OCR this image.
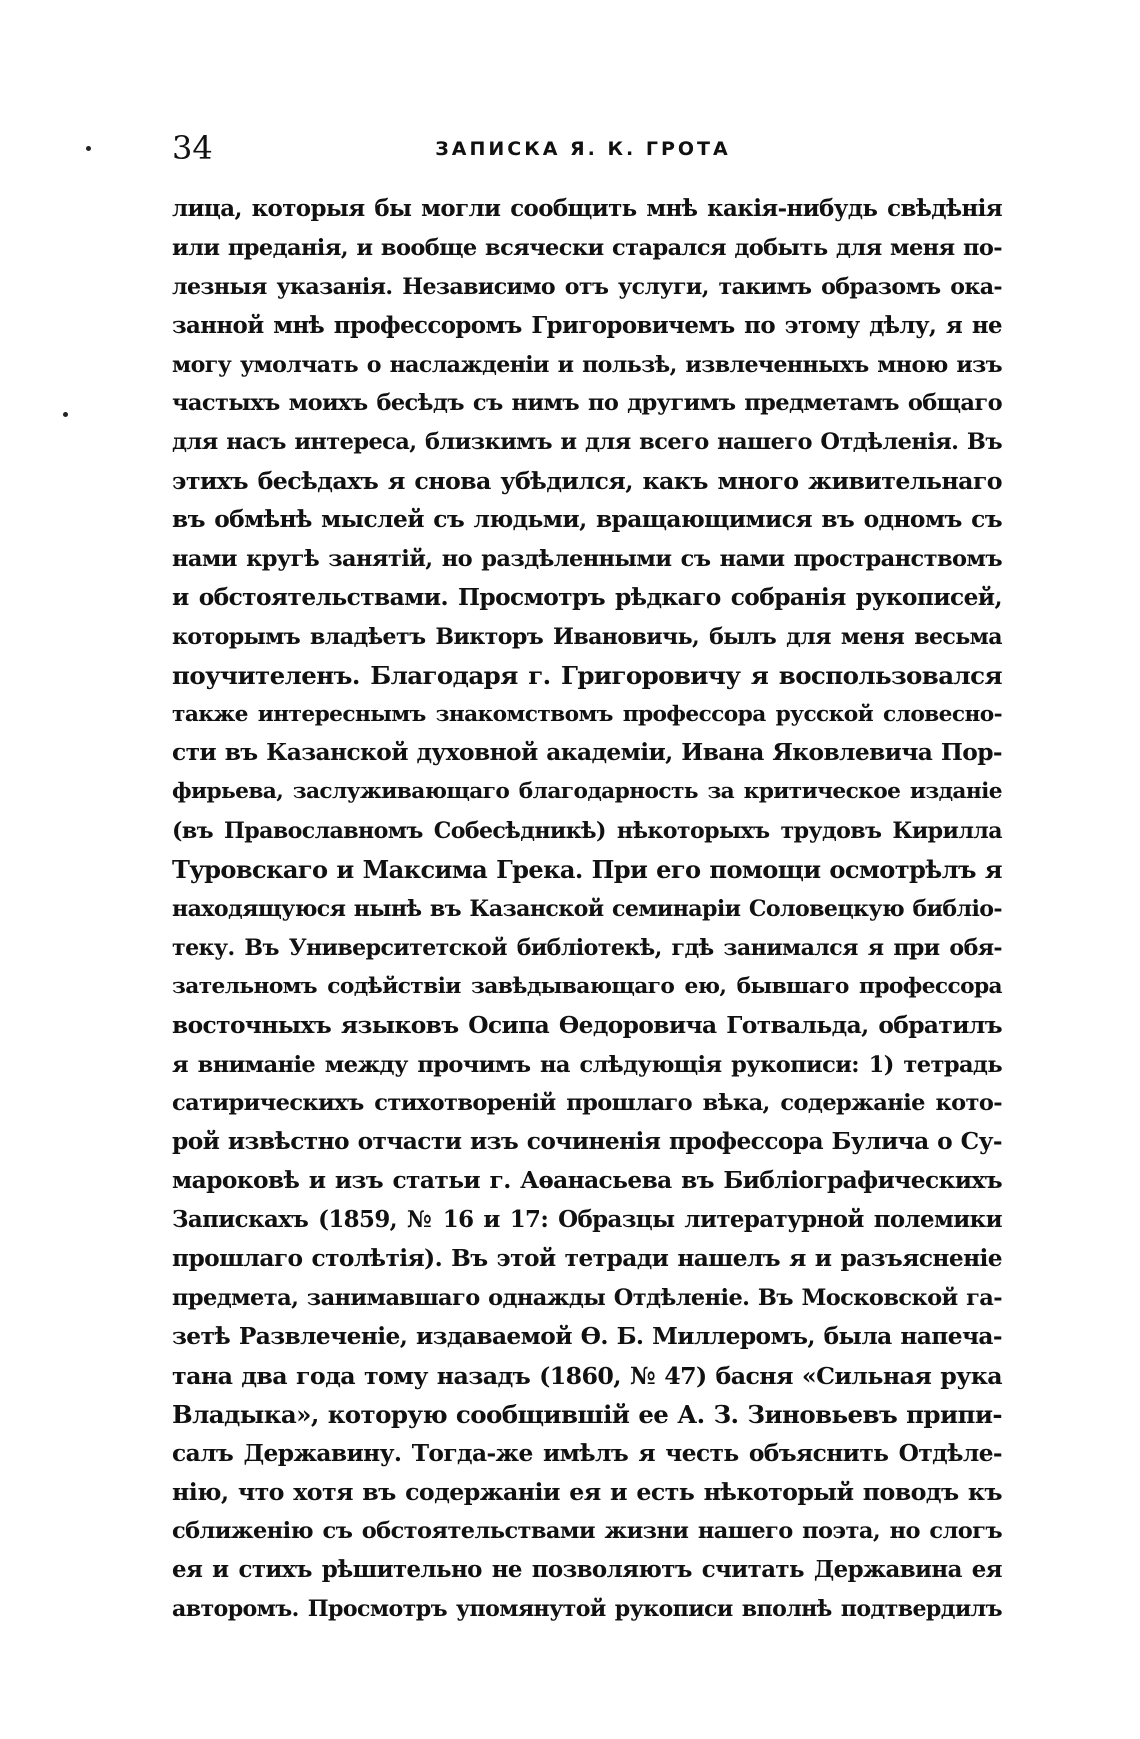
34	ЗАПИСКА Я. К. ГРОТА
лица, которыя бы могли сообщить мнѣ какія-нибудь свѣдѣнія
или преданія, и вообще всячески старался добыть для меня по-
лезныя указанія. Независимо отъ услуги, такимъ образомъ ока-
занной мнѣ профессоромъ Григоровичемъ по этому дѣлу, я не
могу умолчать о наслажденіи и пользѣ, извлеченныхъ мною изъ
частыхъ моихъ бесѣдъ съ нимъ по другимъ предметамъ общаго
для насъ интереса, близкимъ и для всего нашего Отдѣленія. Въ
этихъ бесѣдахъ я снова убѣдился, какъ много живительнаго
въ обмѣнѣ мыслей съ людьми, вращающимися въ одномъ съ
нами кругѣ занятій, но раздѣленными съ нами пространствомъ
и обстоятельствами. Просмотръ рѣдкаго собранія рукописей,
которымъ владѣетъ Викторъ Ивановичь, былъ для меня весьма
поучителенъ. Благодаря г. Григоровичу я воспользовался
также интереснымъ знакомствомъ профессора русской словесно-
сти въ Казанской духовной академіи, Ивана Яковлевича Пор-
фирьева, заслуживающаго благодарность за критическое изданіе
(въ Православномъ Собесѣдникѣ) нѣкоторыхъ трудовъ Кирилла
Туровскаго и Максима Грека. При его помощи осмотрѣлъ я
находящуюся нынѣ въ Казанской семинаріи Соловецкую библіо-
теку. Въ Университетской библіотекѣ, гдѣ занимался я при обя-
зательномъ содѣйствіи завѣдывающаго ею, бывшаго профессора
восточныхъ языковъ Осипа Ѳедоровича Готвальда, обратилъ
я вниманіе между прочимъ на слѣдующія рукописи: 1) тетрадь
сатирическихъ стихотвореній прошлаго вѣка, содержаніе кото-
рой извѣстно отчасти изъ сочиненія профессора Булича о Су-
мароковѣ и изъ статьи г. Аѳанасьева въ Библіографическихъ
Запискахъ (1859, № 16 и 17: Образцы литературной полемики
прошлаго столѣтія). Въ этой тетради нашелъ я и разъясненіе
предмета, занимавшаго однажды Отдѣленіе. Въ Московской га-
зетѣ Развлеченіе, издаваемой Ѳ. Б. Миллеромъ, была напеча-
тана два года тому назадъ (1860, № 47) басня «Сильная рука
Владыка», которую сообщившій ее А. З. Зиновьевъ припи-
салъ Державину. Тогда-же имѣлъ я честь объяснить Отдѣле-
нію, что хотя въ содержаніи ея и есть нѣкоторый поводъ къ
сближенію съ обстоятельствами жизни нашего поэта, но слогъ
ея и стихъ рѣшительно не позволяютъ считать Державина ея
авторомъ. Просмотръ упомянутой рукописи вполнѣ подтвердилъ
